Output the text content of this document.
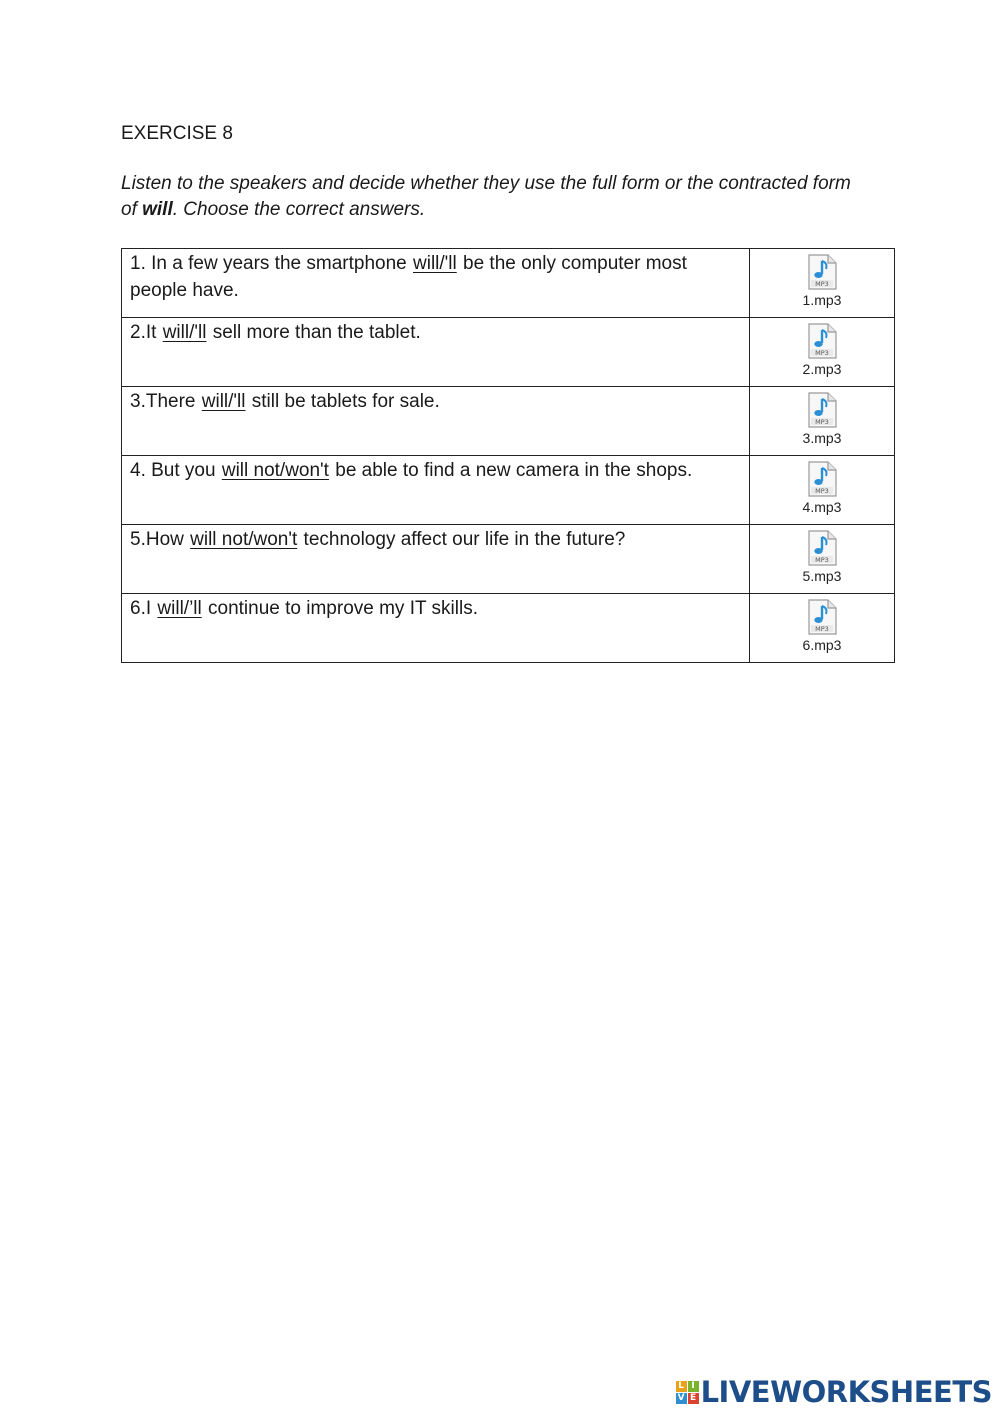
EXERCISE 8
Listen to the speakers and decide whether they use the full form or the contracted form of will. Choose the correct answers.
1. In a few years the smartphone will/'ll be the only computer most people have.	MP3
1.mp3

2.It will/'ll sell more than the tablet.	MP3
2.mp3

3.There will/'ll still be tablets for sale.	MP3
3.mp3

4. But you will not/won't be able to find a new camera in the shops.	MP3
4.mp3

5.How will not/won't technology affect our life in the future?	MP3
5.mp3

6.I will/’ll continue to improve my IT skills.	MP3
6.mp3
L I
V E LIVEWORKSHEETS
